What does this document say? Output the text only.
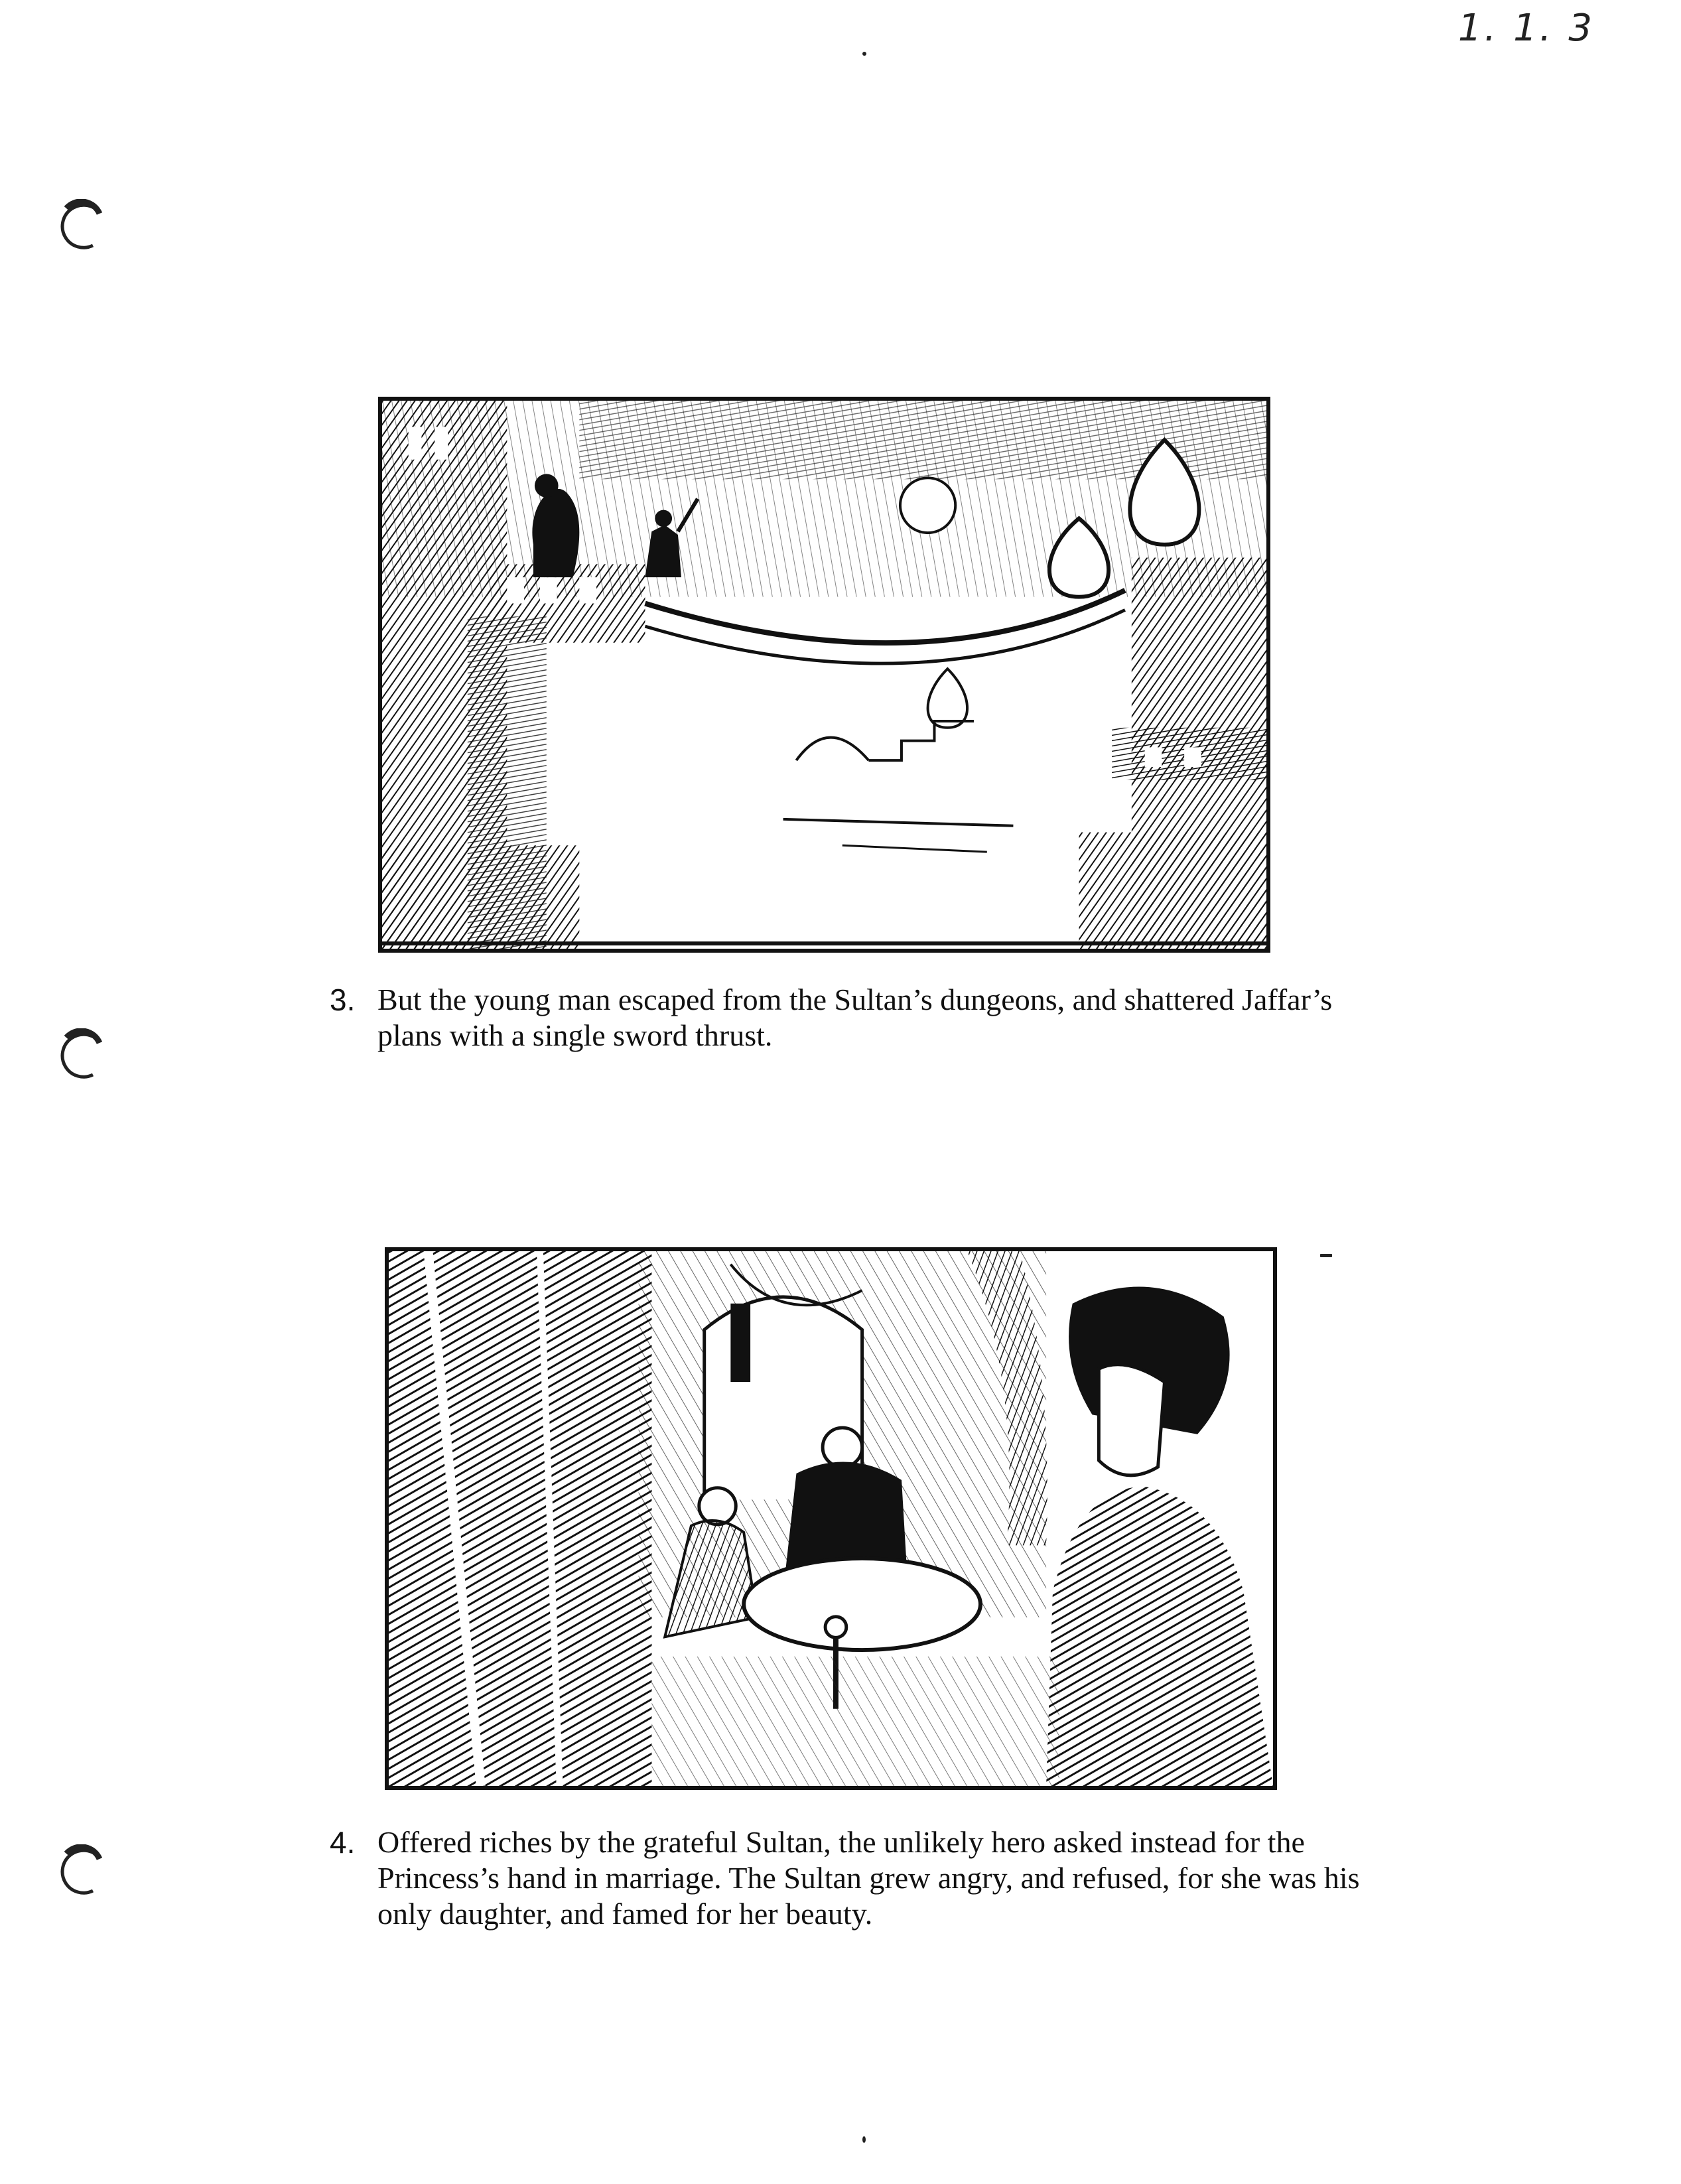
1. 1. 3
3. But the young man escaped from the Sultan’s dungeons, and shattered Jaffar’s plans with a single sword thrust.
4. Offered riches by the grateful Sultan, the unlikely hero asked instead for the Princess’s hand in marriage. The Sultan grew angry, and refused, for she was his only daughter, and famed for her beauty.
